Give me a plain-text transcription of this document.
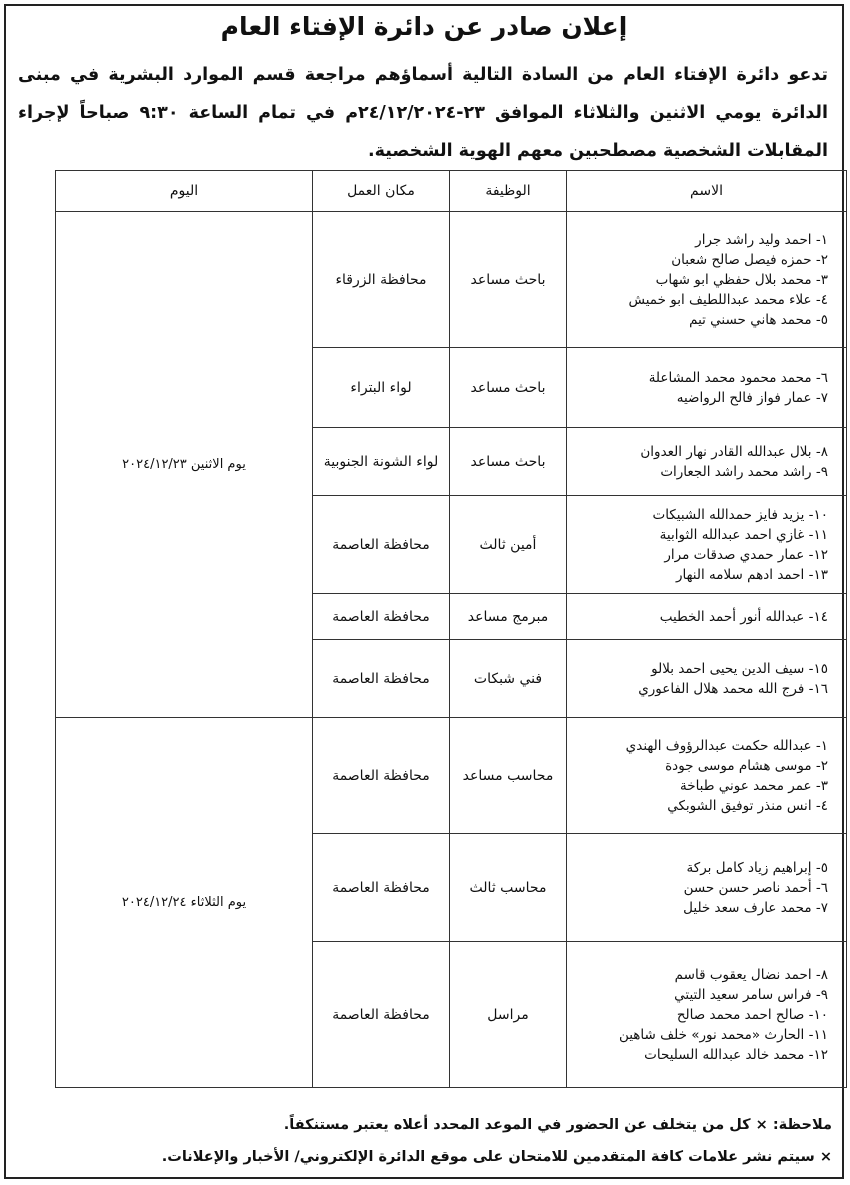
إعلان صادر عن دائرة الإفتاء العام
تدعو دائرة الإفتاء العام من السادة التالية أسماؤهم مراجعة قسم الموارد البشرية في مبنى الدائرة يومي الاثنين والثلاثاء الموافق ٢٣-٢٤/١٢/٢٠٢٤م في تمام الساعة ٩:٣٠ صباحاً لإجراء المقابلات الشخصية مصطحبين معهم الهوية الشخصية.
الاسم	الوظيفة	مكان العمل	اليوم

١- احمد وليد راشد جرار
٢- حمزه فيصل صالح شعبان
٣- محمد بلال حفظي ابو شهاب
٤- علاء محمد عبداللطيف ابو خميش
٥- محمد هاني حسني تيم	باحث مساعد	محافظة الزرقاء	يوم الاثنين ٢٠٢٤/١٢/٢٣

٦- محمد محمود محمد المشاعلة
٧- عمار فواز فالح الرواضيه	باحث مساعد	لواء البتراء	

٨- بلال عبدالله القادر نهار العدوان
٩- راشد محمد راشد الجعارات	باحث مساعد	لواء الشونة الجنوبية	

١٠- يزيد فايز حمدالله الشبيكات
١١- غازي احمد عبدالله الثوابية
١٢- عمار حمدي صدقات مرار
١٣- احمد ادهم سلامه النهار	أمين ثالث	محافظة العاصمة	

١٤- عبدالله أنور أحمد الخطيب	مبرمج مساعد	محافظة العاصمة	

١٥- سيف الدين يحيى احمد بلالو
١٦- فرج الله محمد هلال الفاعوري	فني شبكات	محافظة العاصمة	

١- عبدالله حكمت عبدالرؤوف الهندي
٢- موسى هشام موسى جودة
٣- عمر محمد عوني طباخة
٤- انس منذر توفيق الشوبكي	محاسب مساعد	محافظة العاصمة	يوم الثلاثاء ٢٠٢٤/١٢/٢٤

٥- إبراهيم زياد كامل بركة
٦- أحمد ناصر حسن حسن
٧- محمد عارف سعد خليل	محاسب ثالث	محافظة العاصمة	

٨- احمد نضال يعقوب قاسم
٩- فراس سامر سعيد التيتي
١٠- صالح احمد محمد صالح
١١- الحارث «محمد نور» خلف شاهين
١٢- محمد خالد عبدالله السليحات	مراسل	محافظة العاصمة	
ملاحظة: × كل من يتخلف عن الحضور في الموعد المحدد أعلاه يعتبر مستنكفاً.
× سيتم نشر علامات كافة المتقدمين للامتحان على موقع الدائرة الإلكتروني/ الأخبار والإعلانات.
